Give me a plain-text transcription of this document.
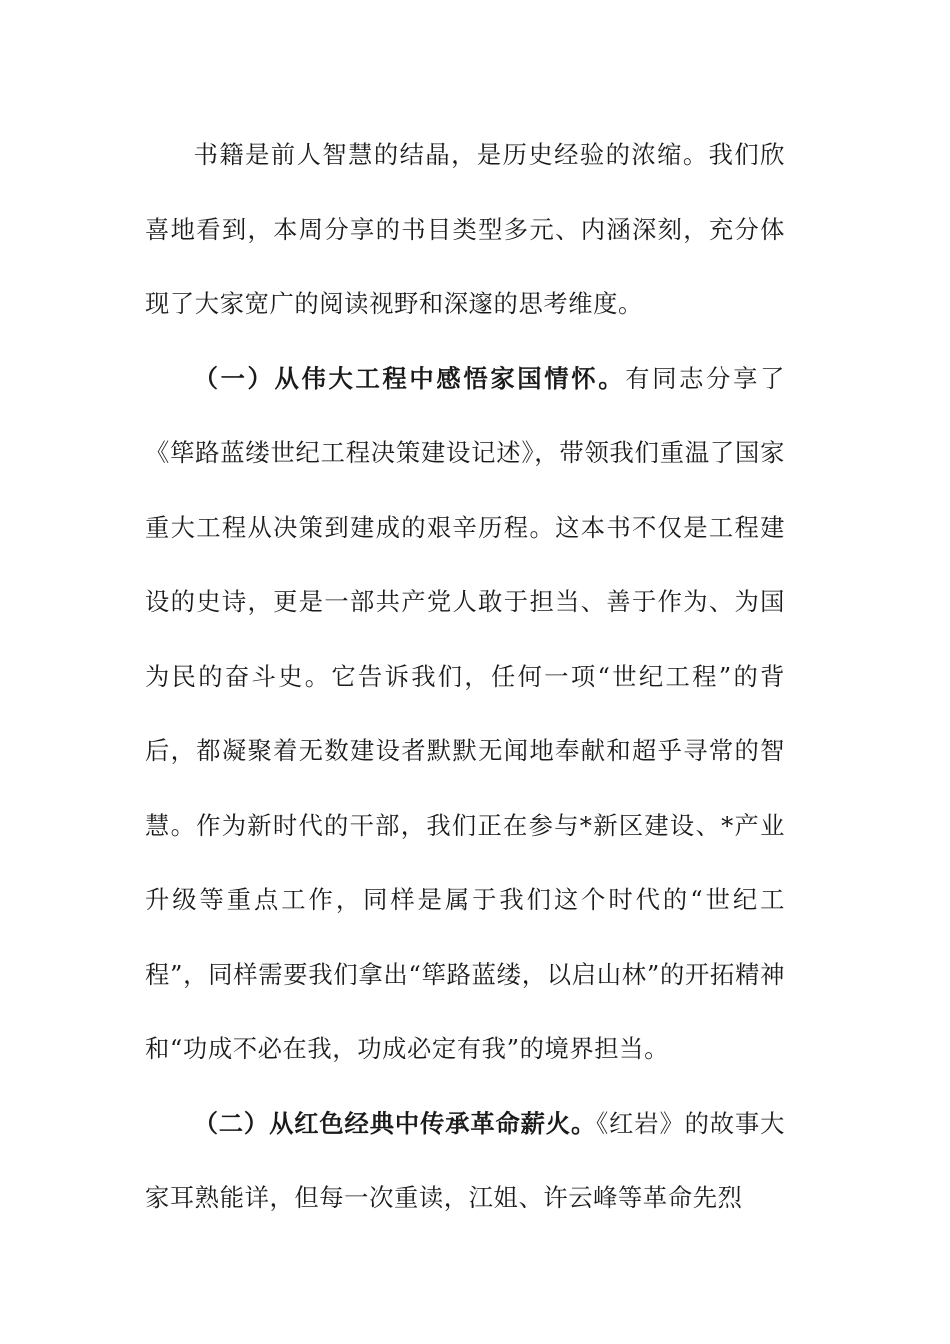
书籍是前人智慧的结晶，是历史经验的浓缩。我们欣喜地看到，本周分享的书目类型多元、内涵深刻，充分体现了大家宽广的阅读视野和深邃的思考维度。

（一）从伟大工程中感悟家国情怀。有同志分享了《筚路蓝缕世纪工程决策建设记述》，带领我们重温了国家重大工程从决策到建成的艰辛历程。这本书不仅是工程建设的史诗，更是一部共产党人敢于担当、善于作为、为国为民的奋斗史。它告诉我们，任何一项“世纪工程”的背后，都凝聚着无数建设者默默无闻地奉献和超乎寻常的智慧。作为新时代的干部，我们正在参与*新区建设、*产业升级等重点工作，同样是属于我们这个时代的“世纪工程”，同样需要我们拿出“筚路蓝缕，以启山林”的开拓精神和“功成不必在我，功成必定有我”的境界担当。

（二）从红色经典中传承革命薪火。《红岩》的故事大家耳熟能详，但每一次重读，江姐、许云峰等革命先烈
